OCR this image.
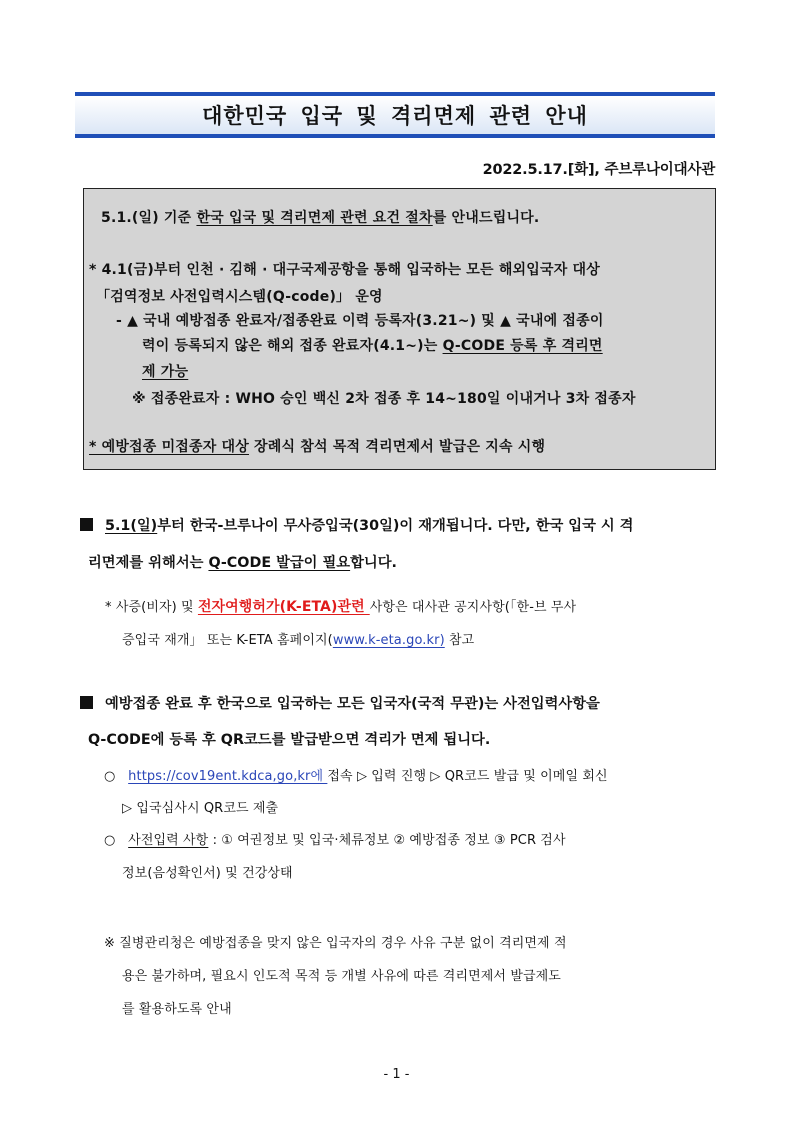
대한민국 입국 및 격리면제 관련 안내
2022.5.17.[화], 주브루나이대사관
5.1.(일) 기준 한국 입국 및 격리면제 관련 요건 절차를 안내드립니다.
* 4.1(금)부터 인천 · 김해 · 대구국제공항을 통해 입국하는 모든 해외입국자 대상
「검역정보 사전입력시스템(Q-code)」 운영
- ▲ 국내 예방접종 완료자/접종완료 이력 등록자(3.21~) 및 ▲ 국내에 접종이
력이 등록되지 않은 해외 접종 완료자(4.1~)는 Q-CODE 등록 후 격리면
제 가능
※ 접종완료자 : WHO 승인 백신 2차 접종 후 14~180일 이내거나 3차 접종자
* 예방접종 미접종자 대상 장례식 참석 목적 격리면제서 발급은 지속 시행
5.1(일)부터 한국-브루나이 무사증입국(30일)이 재개됩니다. 다만, 한국 입국 시 격
리면제를 위해서는 Q-CODE 발급이 필요합니다.
* 사증(비자) 및 전자여행허가(K-ETA)관련 사항은 대사관 공지사항(「한-브 무사
증입국 재개」 또는 K-ETA 홈페이지(www.k-eta.go.kr) 참고
예방접종 완료 후 한국으로 입국하는 모든 입국자(국적 무관)는 사전입력사항을
Q-CODE에 등록 후 QR코드를 발급받으면 격리가 면제 됩니다.
○ https://cov19ent.kdca,go,kr에 접속 ▷ 입력 진행 ▷ QR코드 발급 및 이메일 회신
▷ 입국심사시 QR코드 제출
○ 사전입력 사항 : ① 여권정보 및 입국·체류정보 ② 예방접종 정보 ③ PCR 검사
정보(음성확인서) 및 건강상태
※ 질병관리청은 예방접종을 맞지 않은 입국자의 경우 사유 구분 없이 격리면제 적
용은 불가하며, 필요시 인도적 목적 등 개별 사유에 따른 격리면제서 발급제도
를 활용하도록 안내
- 1 -
